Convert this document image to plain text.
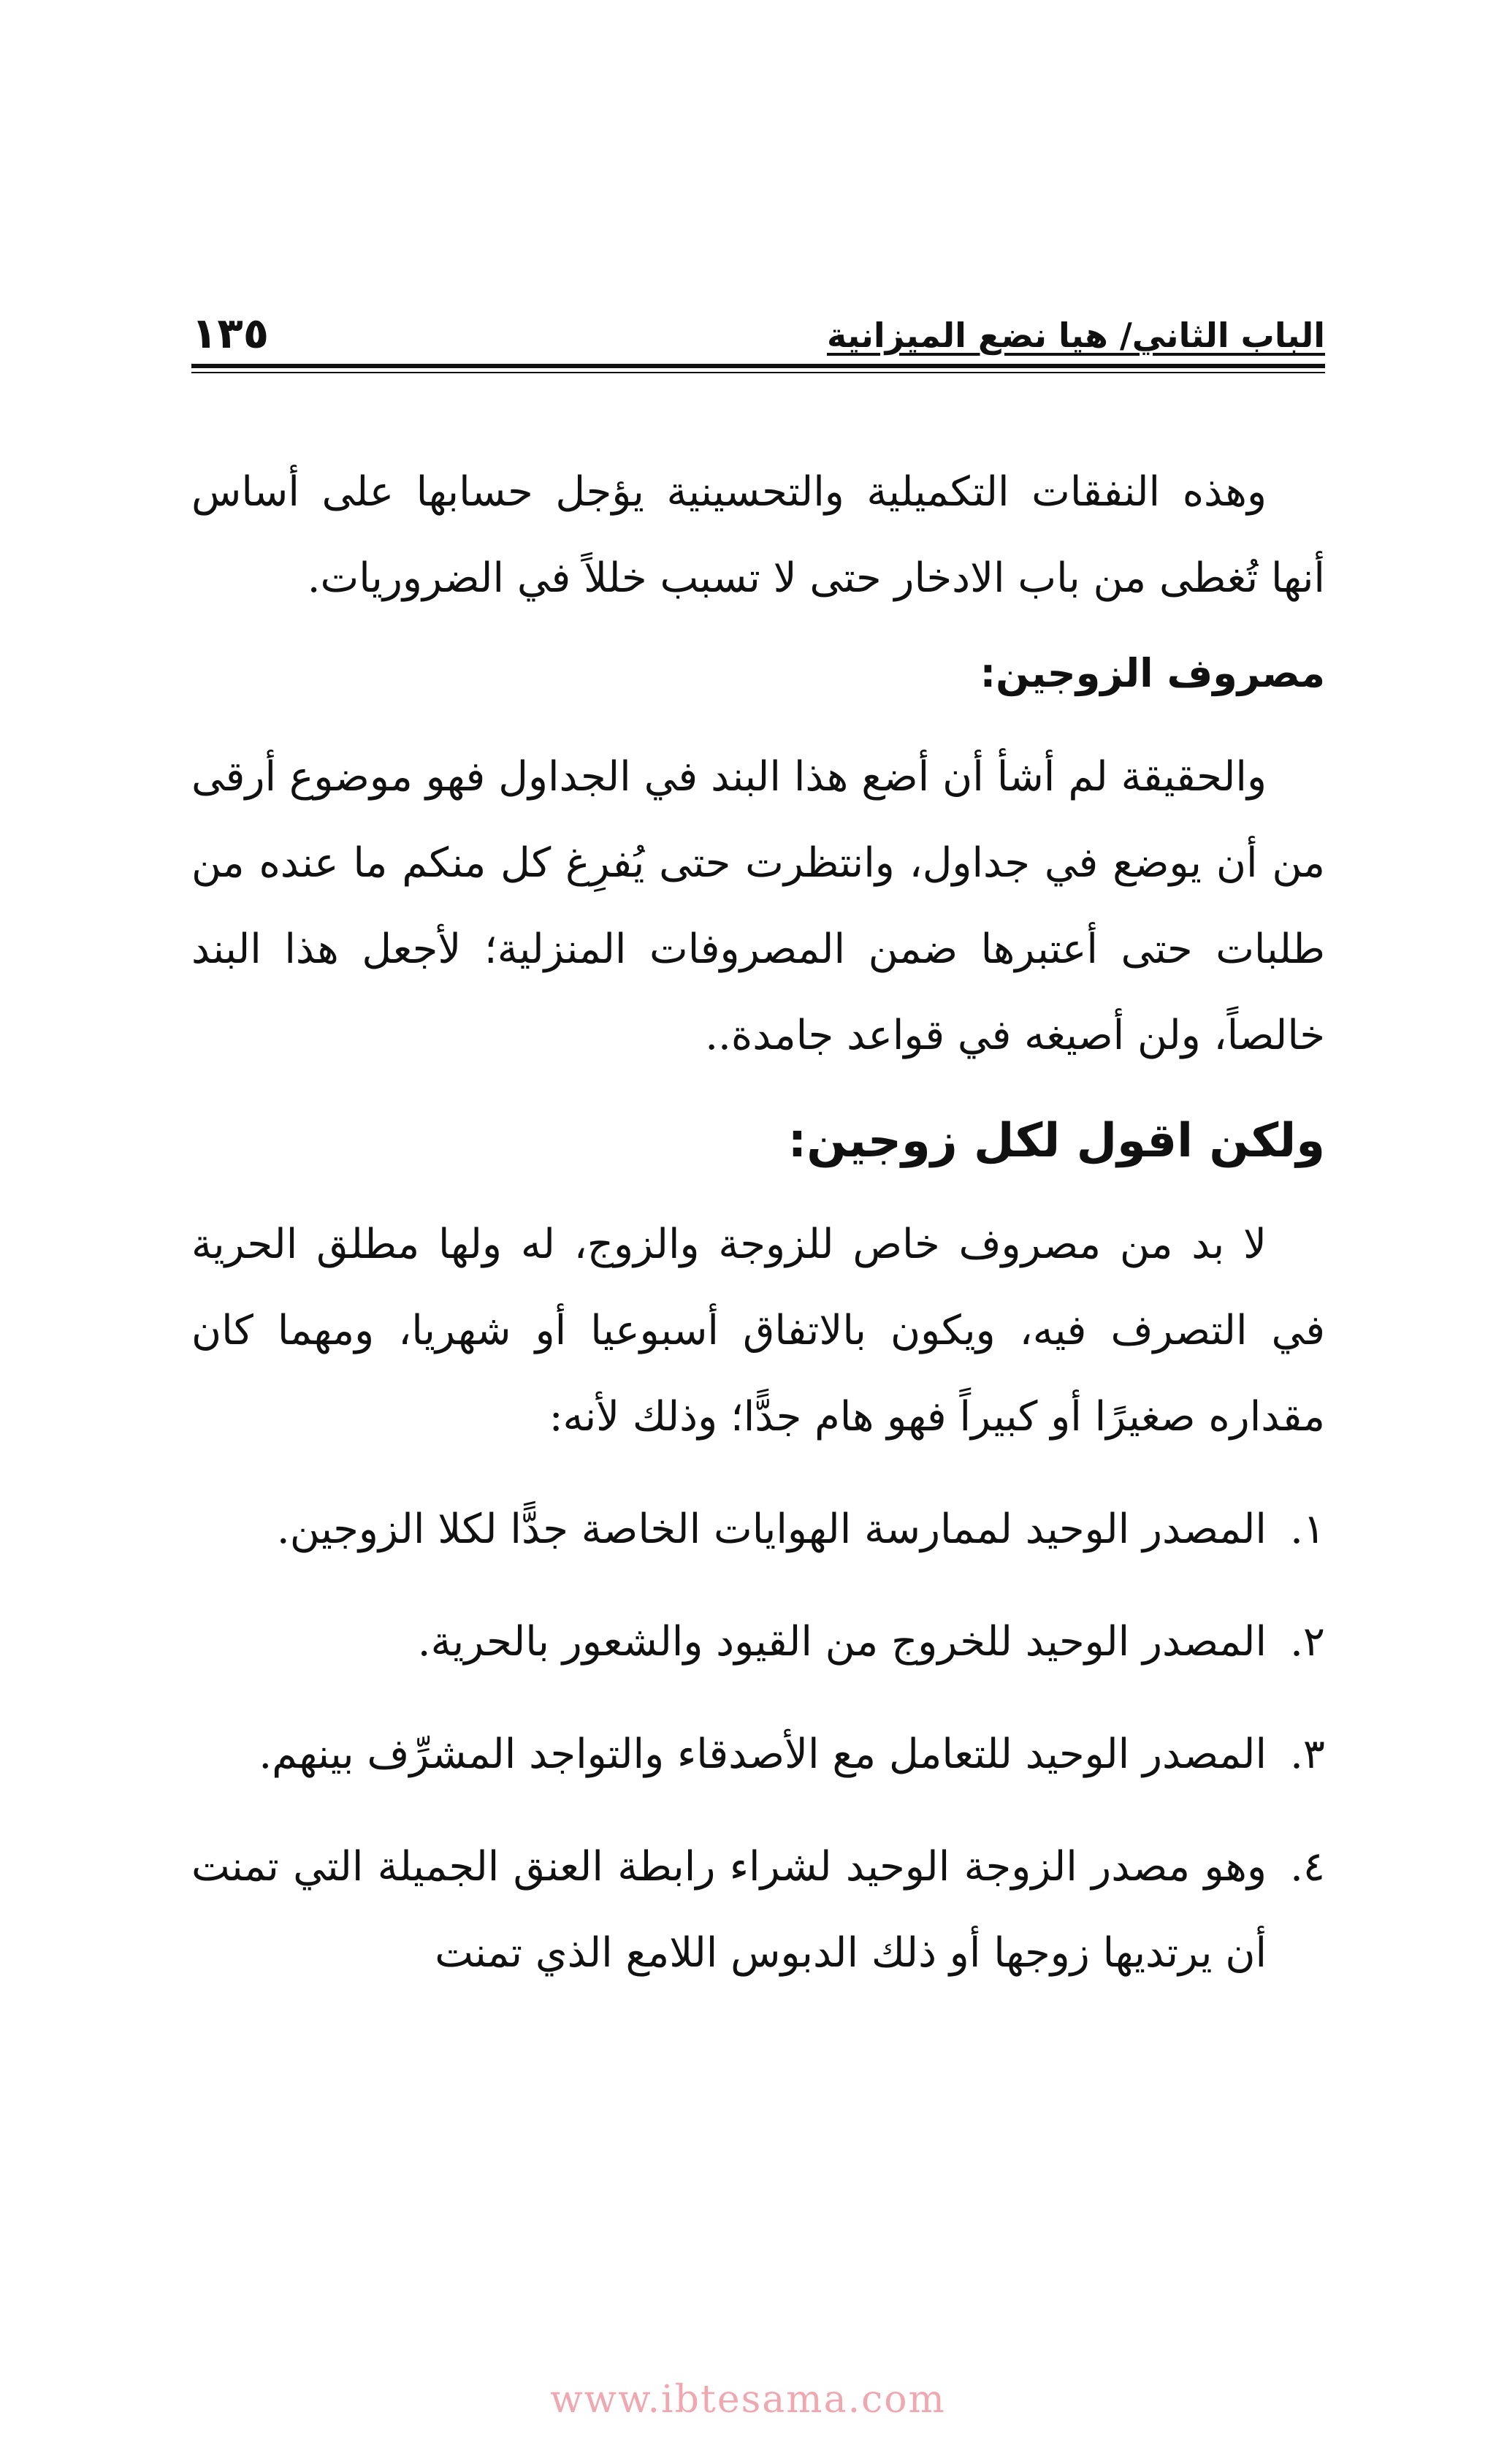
الباب الثاني/ هيا نضع الميزانية
١٣٥

وهذه النفقات التكميلية والتحسينية يؤجل حسابها على أساس أنها تُغطى من باب الادخار حتى لا تسبب خللاً في الضروريات.

مصروف الزوجين:

والحقيقة لم أشأ أن أضع هذا البند في الجداول فهو موضوع أرقى من أن يوضع في جداول، وانتظرت حتى يُفرِغ كل منكم ما عنده من طلبات حتى أعتبرها ضمن المصروفات المنزلية؛ لأجعل هذا البند خالصاً، ولن أصيغه في قواعد جامدة..

ولكن اقول لكل زوجين:

لا بد من مصروف خاص للزوجة والزوج، له ولها مطلق الحرية في التصرف فيه، ويكون بالاتفاق أسبوعيا أو شهريا، ومهما كان مقداره صغيرًا أو كبيراً فهو هام جدًّا؛ وذلك لأنه:

١.
المصدر الوحيد لممارسة الهوايات الخاصة جدًّا لكلا الزوجين.
٢.
المصدر الوحيد للخروج من القيود والشعور بالحرية.
٣.
المصدر الوحيد للتعامل مع الأصدقاء والتواجد المشرِّف بينهم.
٤.
وهو مصدر الزوجة الوحيد لشراء رابطة العنق الجميلة التي تمنت أن يرتديها زوجها أو ذلك الدبوس اللامع الذي تمنت
www.ibtesama.com
